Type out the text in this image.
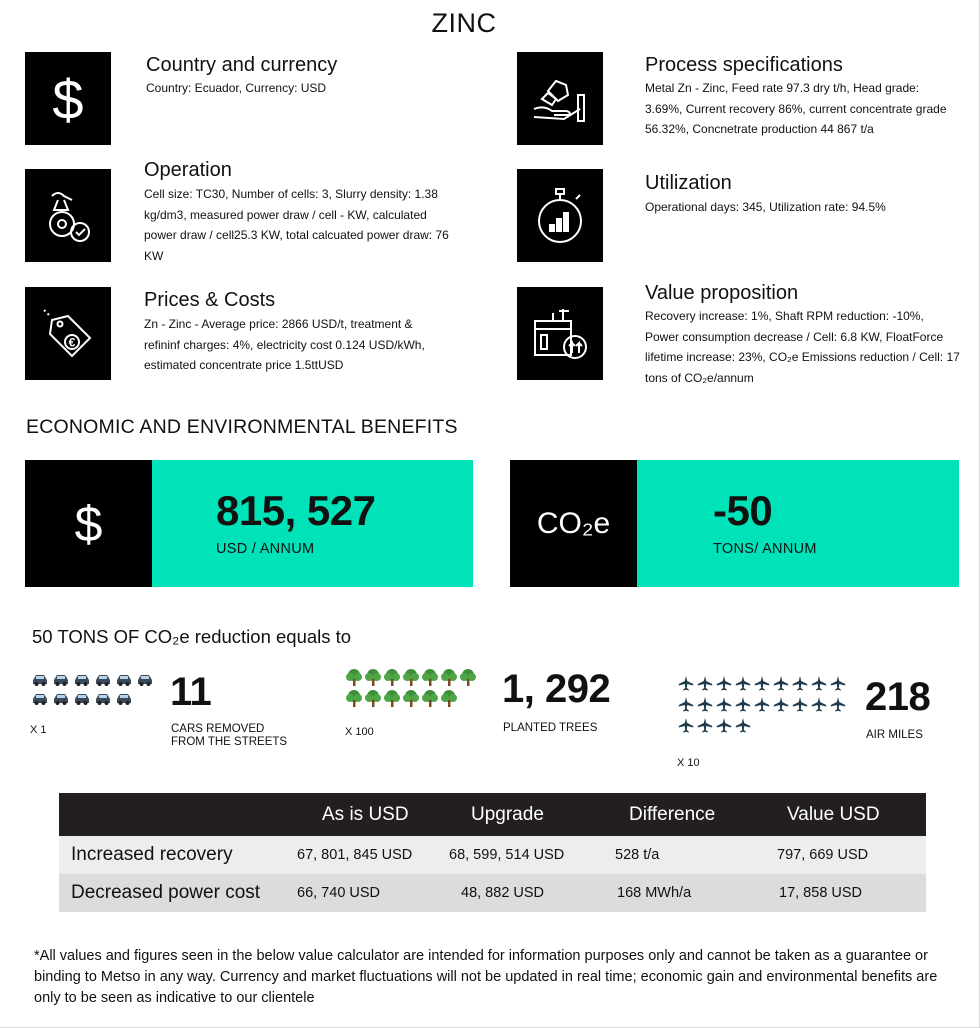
ZINC
$
Country and currency
Country: Ecuador, Currency: USD
Operation
Cell size: TC30, Number of cells: 3, Slurry density: 1.38 kg/dm3, measured power draw / cell - KW, calculated power draw / cell25.3 KW, total calcuated power draw: 76 KW
€
Prices & Costs
Zn - Zinc - Average price: 2866 USD/t, treatment & refininf charges: 4%, electricity cost 0.124 USD/kWh, estimated concentrate price 1.5ttUSD
Process specifications
Metal Zn - Zinc, Feed rate 97.3 dry t/h, Head grade: 3.69%, Current recovery 86%, current concentrate grade 56.32%, Concnetrate production 44 867 t/a
Utilization
Operational days: 345, Utilization rate: 94.5%
Value proposition
Recovery increase: 1%, Shaft RPM reduction: -10%, Power consumption decrease / Cell: 6.8 KW, FloatForce lifetime increase: 23%, CO₂e Emissions reduction / Cell: 17 tons of CO₂e/annum
ECONOMIC AND ENVIRONMENTAL BENEFITS
$	815, 527
USD / ANNUM
CO₂e -50
TONS/ ANNUM
50 TONS OF CO₂e reduction equals to
X 1
11
CARS REMOVED
FROM THE STREETS
X 100
1, 292
PLANTED TREES
X 10
218
AIR MILES
	As is USD	Upgrade	Difference	Value USD
Increased recovery	67, 801, 845 USD	68, 599, 514 USD	528 t/a	797, 669 USD
Decreased power cost	66, 740 USD	48, 882 USD	168 MWh/a	17, 858 USD
*All values and figures seen in the below value calculator are intended for information purposes only and cannot be taken as a guarantee or binding to Metso in any way. Currency and market fluctuations will not be updated in real time; economic gain and environmental benefits are only to be seen as indicative to our clientele
